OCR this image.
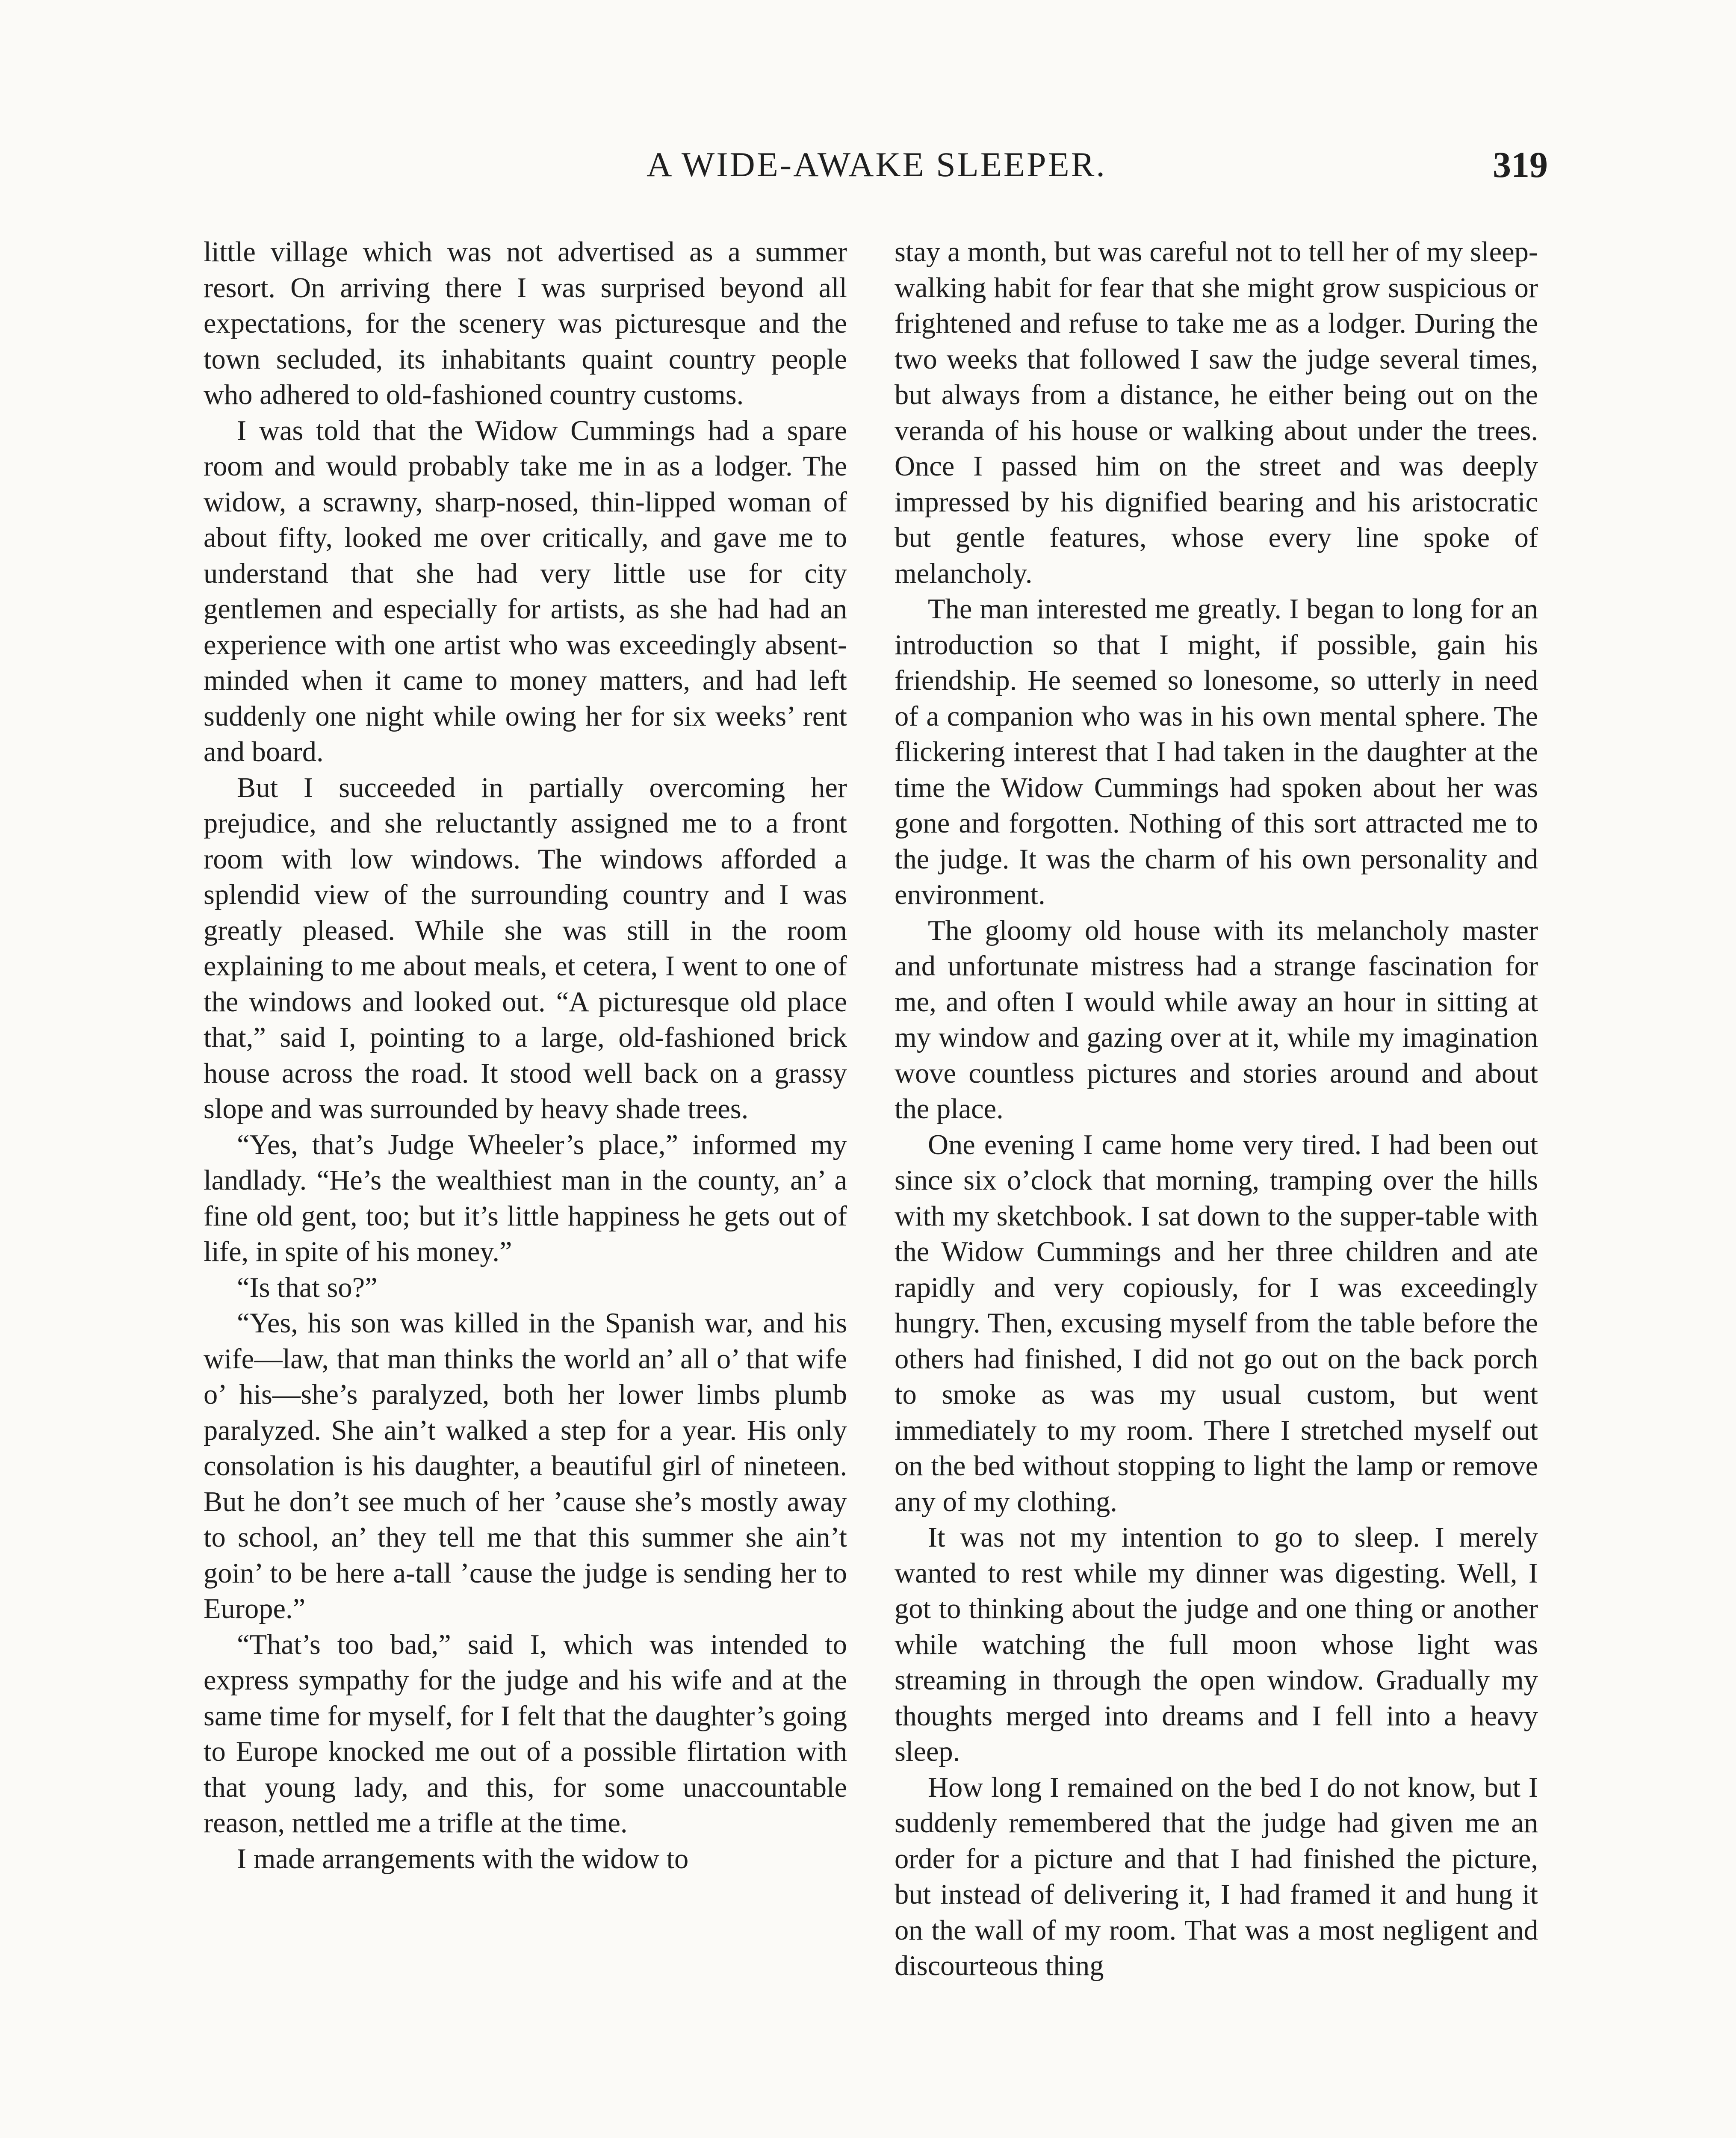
A WIDE-AWAKE SLEEPER.	319

little village which was not advertised as a summer resort. On arriving there I was surprised beyond all expectations, for the scenery was picturesque and the town secluded, its inhabitants quaint country people who adhered to old-fashioned country customs.

I was told that the Widow Cummings had a spare room and would probably take me in as a lodger. The widow, a scrawny, sharp-nosed, thin-lipped woman of about fifty, looked me over critically, and gave me to understand that she had very little use for city gentlemen and especially for artists, as she had had an experience with one artist who was exceedingly absent-minded when it came to money matters, and had left suddenly one night while owing her for six weeks’ rent and board.

But I succeeded in partially overcoming her prejudice, and she reluctantly assigned me to a front room with low windows. The windows afforded a splendid view of the surrounding country and I was greatly pleased. While she was still in the room explaining to me about meals, et cetera, I went to one of the windows and looked out. “A picturesque old place that,” said I, pointing to a large, old-fashioned brick house across the road. It stood well back on a grassy slope and was surrounded by heavy shade trees.

“Yes, that’s Judge Wheeler’s place,” informed my landlady. “He’s the wealthiest man in the county, an’ a fine old gent, too; but it’s little happiness he gets out of life, in spite of his money.”

“Is that so?”

“Yes, his son was killed in the Spanish war, and his wife—law, that man thinks the world an’ all o’ that wife o’ his—she’s paralyzed, both her lower limbs plumb paralyzed. She ain’t walked a step for a year. His only consolation is his daughter, a beautiful girl of nineteen. But he don’t see much of her ’cause she’s mostly away to school, an’ they tell me that this summer she ain’t goin’ to be here a-tall ’cause the judge is sending her to Europe.”

“That’s too bad,” said I, which was intended to express sympathy for the judge and his wife and at the same time for myself, for I felt that the daughter’s going to Europe knocked me out of a possible flirtation with that young lady, and this, for some unaccountable reason, nettled me a trifle at the time.

I made arrangements with the widow to

stay a month, but was careful not to tell her of my sleep-walking habit for fear that she might grow suspicious or frightened and refuse to take me as a lodger. During the two weeks that followed I saw the judge several times, but always from a distance, he either being out on the veranda of his house or walking about under the trees. Once I passed him on the street and was deeply impressed by his dignified bearing and his aristocratic but gentle features, whose every line spoke of melancholy.

The man interested me greatly. I began to long for an introduction so that I might, if possible, gain his friendship. He seemed so lonesome, so utterly in need of a companion who was in his own mental sphere. The flickering interest that I had taken in the daughter at the time the Widow Cummings had spoken about her was gone and forgotten. Nothing of this sort attracted me to the judge. It was the charm of his own personality and environment.

The gloomy old house with its melancholy master and unfortunate mistress had a strange fascination for me, and often I would while away an hour in sitting at my window and gazing over at it, while my imagination wove countless pictures and stories around and about the place.

One evening I came home very tired. I had been out since six o’clock that morning, tramping over the hills with my sketchbook. I sat down to the supper-table with the Widow Cummings and her three children and ate rapidly and very copiously, for I was exceedingly hungry. Then, excusing myself from the table before the others had finished, I did not go out on the back porch to smoke as was my usual custom, but went immediately to my room. There I stretched myself out on the bed without stopping to light the lamp or remove any of my clothing.

It was not my intention to go to sleep. I merely wanted to rest while my dinner was digesting. Well, I got to thinking about the judge and one thing or another while watching the full moon whose light was streaming in through the open window. Gradually my thoughts merged into dreams and I fell into a heavy sleep.

How long I remained on the bed I do not know, but I suddenly remembered that the judge had given me an order for a picture and that I had finished the picture, but instead of delivering it, I had framed it and hung it on the wall of my room. That was a most negligent and discourteous thing
